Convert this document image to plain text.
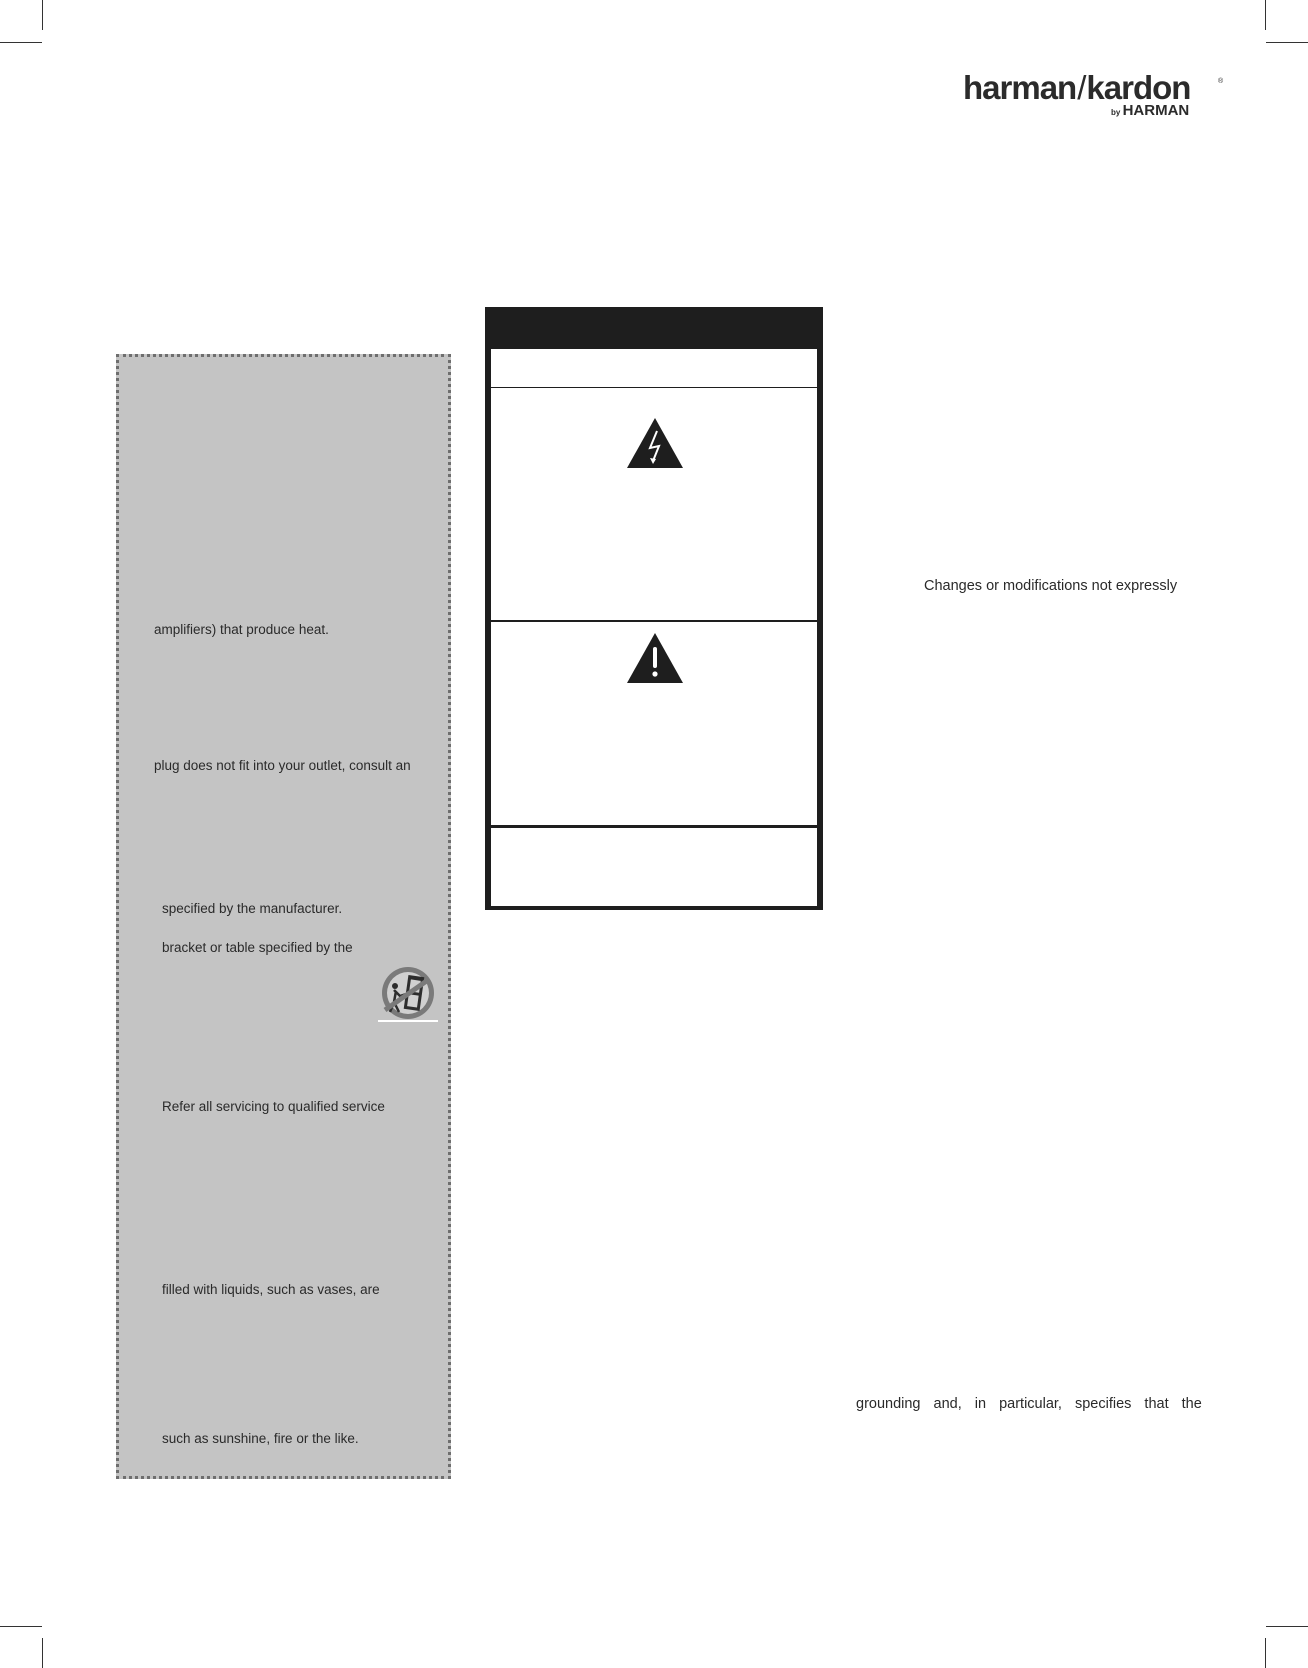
harman/kardon	®
by HARMAN
amplifiers) that produce heat.
plug does not fit into your outlet, consult an
specified by the manufacturer.
bracket or table specified by the
Refer all servicing to qualified service
filled with liquids, such as vases, are
such as sunshine, fire or the like.
Changes or modifications not expressly
grounding and, in particular, specifies that the
